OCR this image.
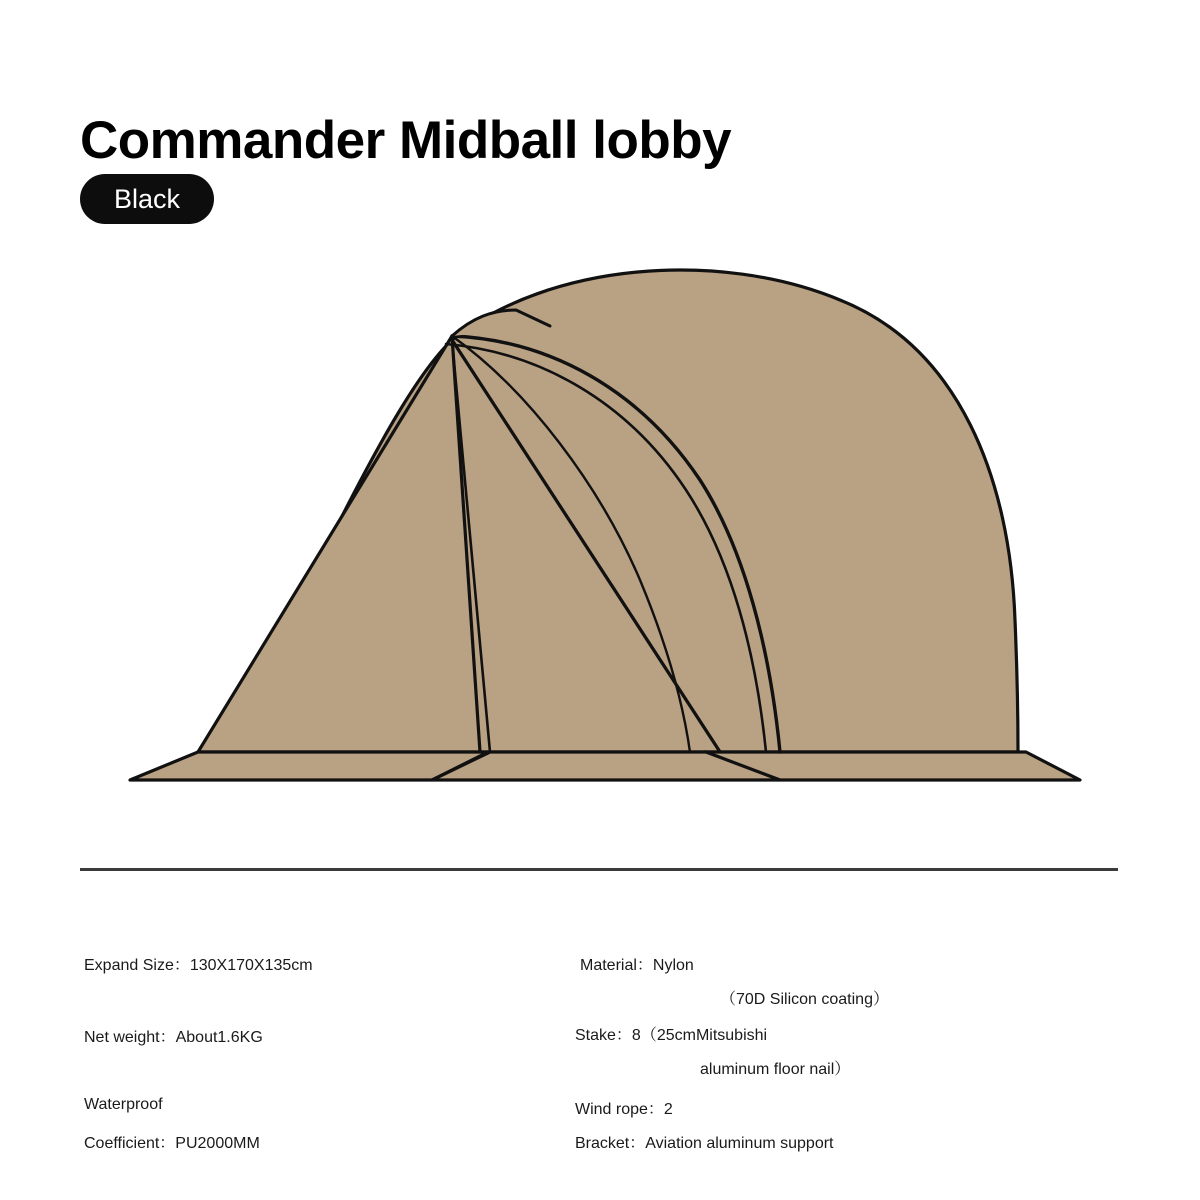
Commander Midball lobby
Black
Expand Size：130X170X135cm
Net weight：About1.6KG
Waterproof
Coefficient：PU2000MM
Material：Nylon
（70D Silicon coating）
Stake：8（25cmMitsubishi
aluminum floor nail）
Wind rope：2
Bracket：Aviation aluminum support
